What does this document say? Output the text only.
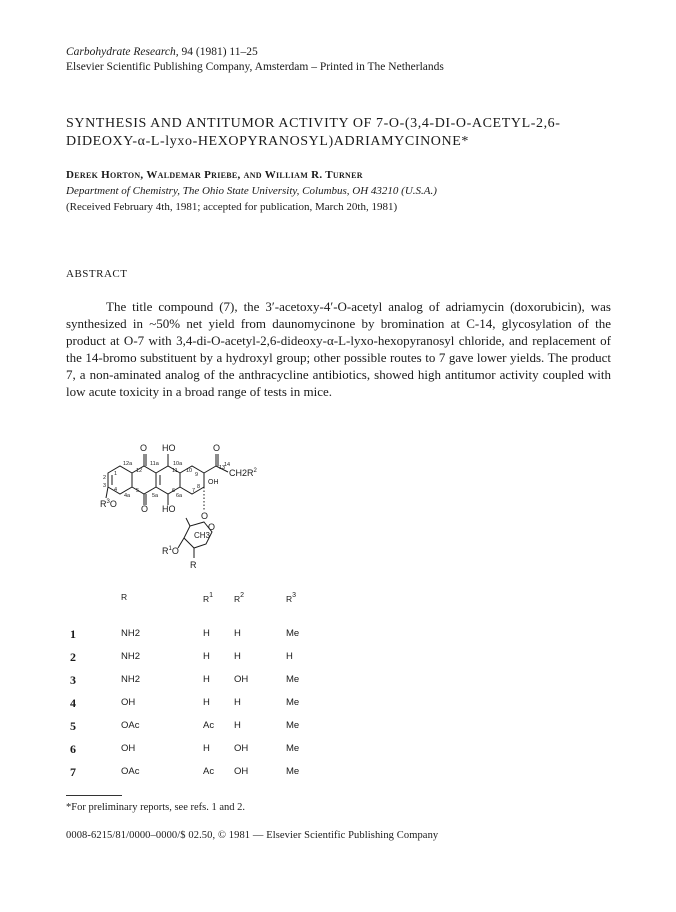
Carbohydrate Research, 94 (1981) 11–25
Elsevier Scientific Publishing Company, Amsterdam – Printed in The Netherlands
SYNTHESIS AND ANTITUMOR ACTIVITY OF 7-O-(3,4-DI-O-ACETYL-2,6-
DIDEOXY-α-L-lyxo-HEXOPYRANOSYL)ADRIAMYCINONE*
Derek Horton, Waldemar Priebe, and William R. Turner
Department of Chemistry, The Ohio State University, Columbus, OH 43210 (U.S.A.)
(Received February 4th, 1981; accepted for publication, March 20th, 1981)
ABSTRACT

The title compound (7), the 3′-acetoxy-4′-O-acetyl analog of adriamycin (doxorubicin), was synthesized in ~50% net yield from daunomycinone by bromination at C-14, glycosylation of the product at O-7 with 3,4-di-O-acetyl-2,6-dideoxy-α-L-lyxo-hexopyranosyl chloride, and replacement of the 14-bromo substituent by a hydroxyl group; other possible routes to 7 gave lower yields. The product 7, a non-aminated analog of the anthracycline antibiotics, showed high antitumor activity coupled with low acute toxicity in a broad range of tests in mice.

O HO	O
$CH2R^2$
OH
$R^3O$	O HO
O
O
CH3
$R^1O$
R
12a	11a	10a
13
14
1
2
3
4
12	11 10
9
8
7
5	6
4a	5a	6a
R	$R^1$ $R^2$	$R^3$
1	NH2	H	H	Me
2	NH2	H	H	H
3	NH2	H	OH	Me
4	OH	H	H	Me
5	OAc	Ac H	Me
6	OH	H	OH	Me
7	OAc	Ac OH	Me
*For preliminary reports, see refs. 1 and 2.
0008-6215/81/0000–0000/$ 02.50, © 1981 — Elsevier Scientific Publishing Company
